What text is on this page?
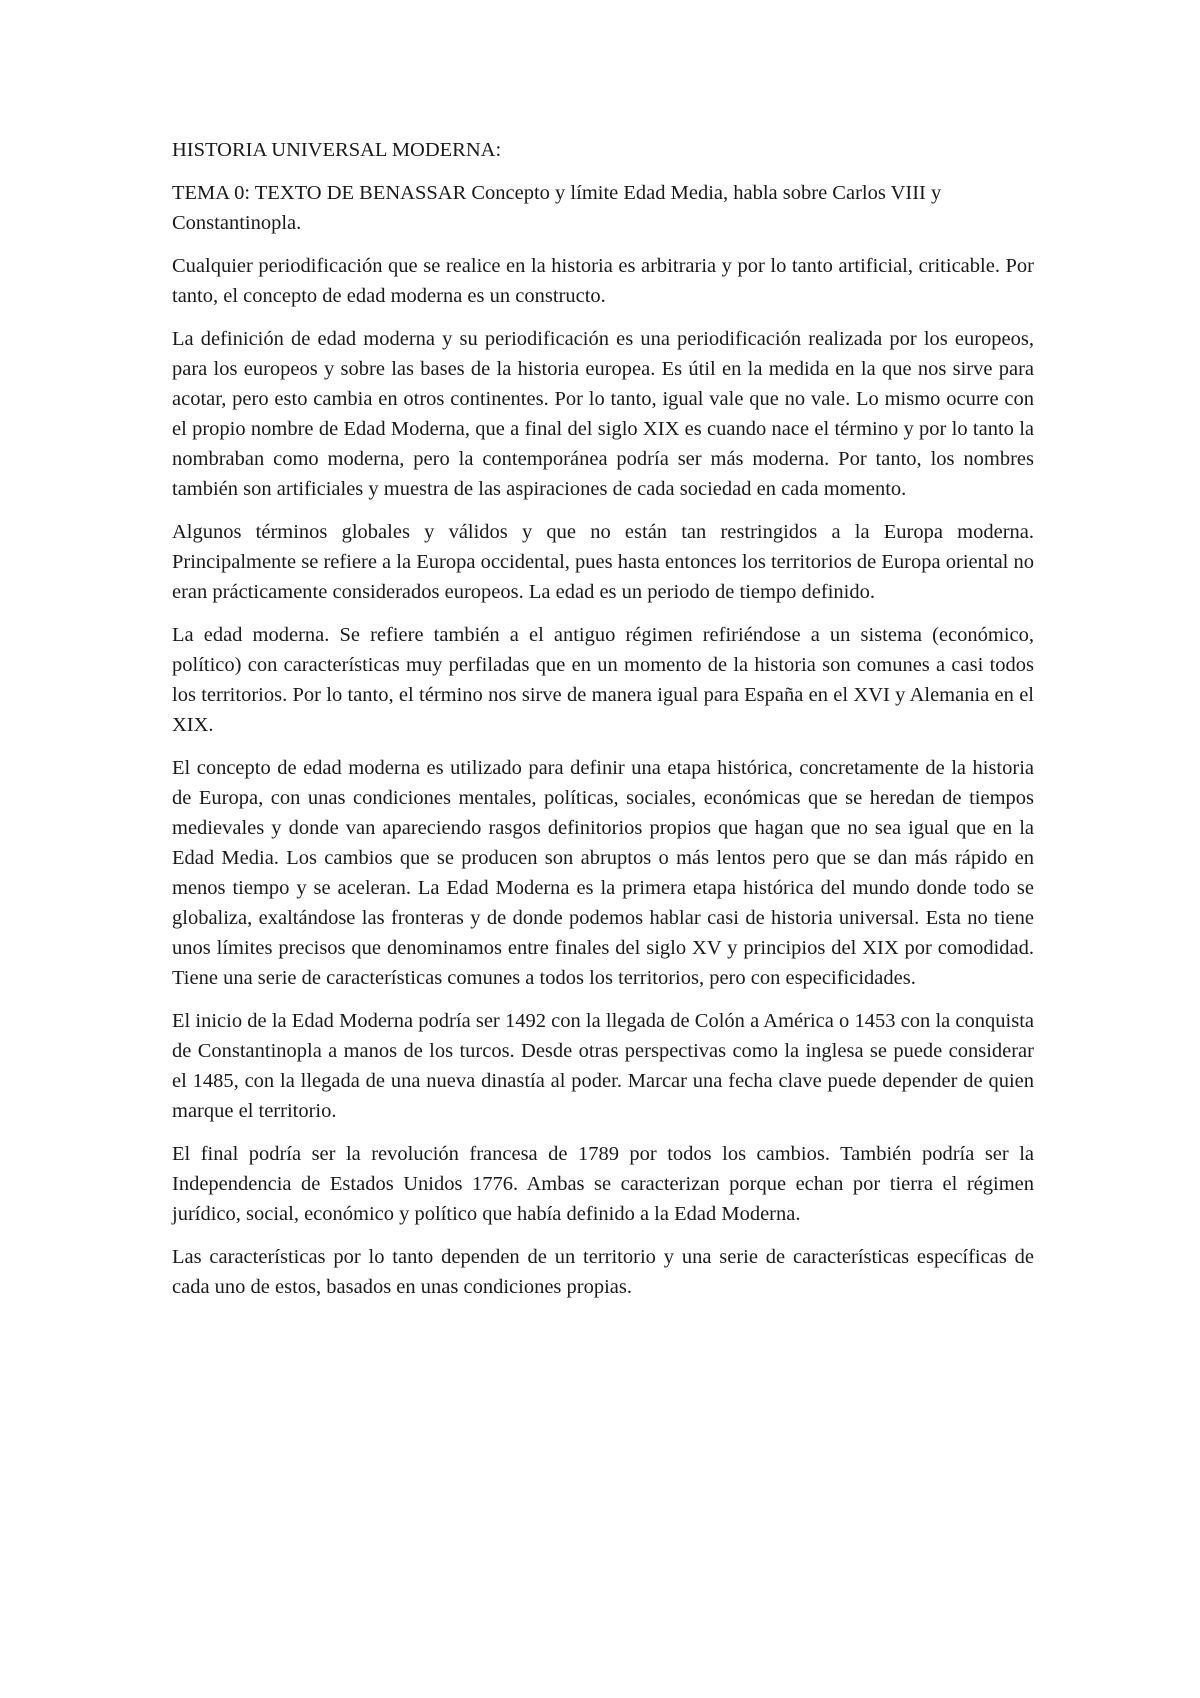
HISTORIA UNIVERSAL MODERNA:

TEMA 0: TEXTO DE BENASSAR Concepto y límite Edad Media, habla sobre Carlos VIII y Constantinopla.

Cualquier periodificación que se realice en la historia es arbitraria y por lo tanto artificial, criticable. Por tanto, el concepto de edad moderna es un constructo.

La definición de edad moderna y su periodificación es una periodificación realizada por los europeos, para los europeos y sobre las bases de la historia europea. Es útil en la medida en la que nos sirve para acotar, pero esto cambia en otros continentes. Por lo tanto, igual vale que no vale. Lo mismo ocurre con el propio nombre de Edad Moderna, que a final del siglo XIX es cuando nace el término y por lo tanto la nombraban como moderna, pero la contemporánea podría ser más moderna. Por tanto, los nombres también son artificiales y muestra de las aspiraciones de cada sociedad en cada momento.

Algunos términos globales y válidos y que no están tan restringidos a la Europa moderna. Principalmente se refiere a la Europa occidental, pues hasta entonces los territorios de Europa oriental no eran prácticamente considerados europeos. La edad es un periodo de tiempo definido.

La edad moderna. Se refiere también a el antiguo régimen refiriéndose a un sistema (económico, político) con características muy perfiladas que en un momento de la historia son comunes a casi todos los territorios. Por lo tanto, el término nos sirve de manera igual para España en el XVI y Alemania en el XIX.

El concepto de edad moderna es utilizado para definir una etapa histórica, concretamente de la historia de Europa, con unas condiciones mentales, políticas, sociales, económicas que se heredan de tiempos medievales y donde van apareciendo rasgos definitorios propios que hagan que no sea igual que en la Edad Media. Los cambios que se producen son abruptos o más lentos pero que se dan más rápido en menos tiempo y se aceleran. La Edad Moderna es la primera etapa histórica del mundo donde todo se globaliza, exaltándose las fronteras y de donde podemos hablar casi de historia universal. Esta no tiene unos límites precisos que denominamos entre finales del siglo XV y principios del XIX por comodidad. Tiene una serie de características comunes a todos los territorios, pero con especificidades.

El inicio de la Edad Moderna podría ser 1492 con la llegada de Colón a América o 1453 con la conquista de Constantinopla a manos de los turcos. Desde otras perspectivas como la inglesa se puede considerar el 1485, con la llegada de una nueva dinastía al poder. Marcar una fecha clave puede depender de quien marque el territorio.

El final podría ser la revolución francesa de 1789 por todos los cambios. También podría ser la Independencia de Estados Unidos 1776. Ambas se caracterizan porque echan por tierra el régimen jurídico, social, económico y político que había definido a la Edad Moderna.

Las características por lo tanto dependen de un territorio y una serie de características específicas de cada uno de estos, basados en unas condiciones propias.
